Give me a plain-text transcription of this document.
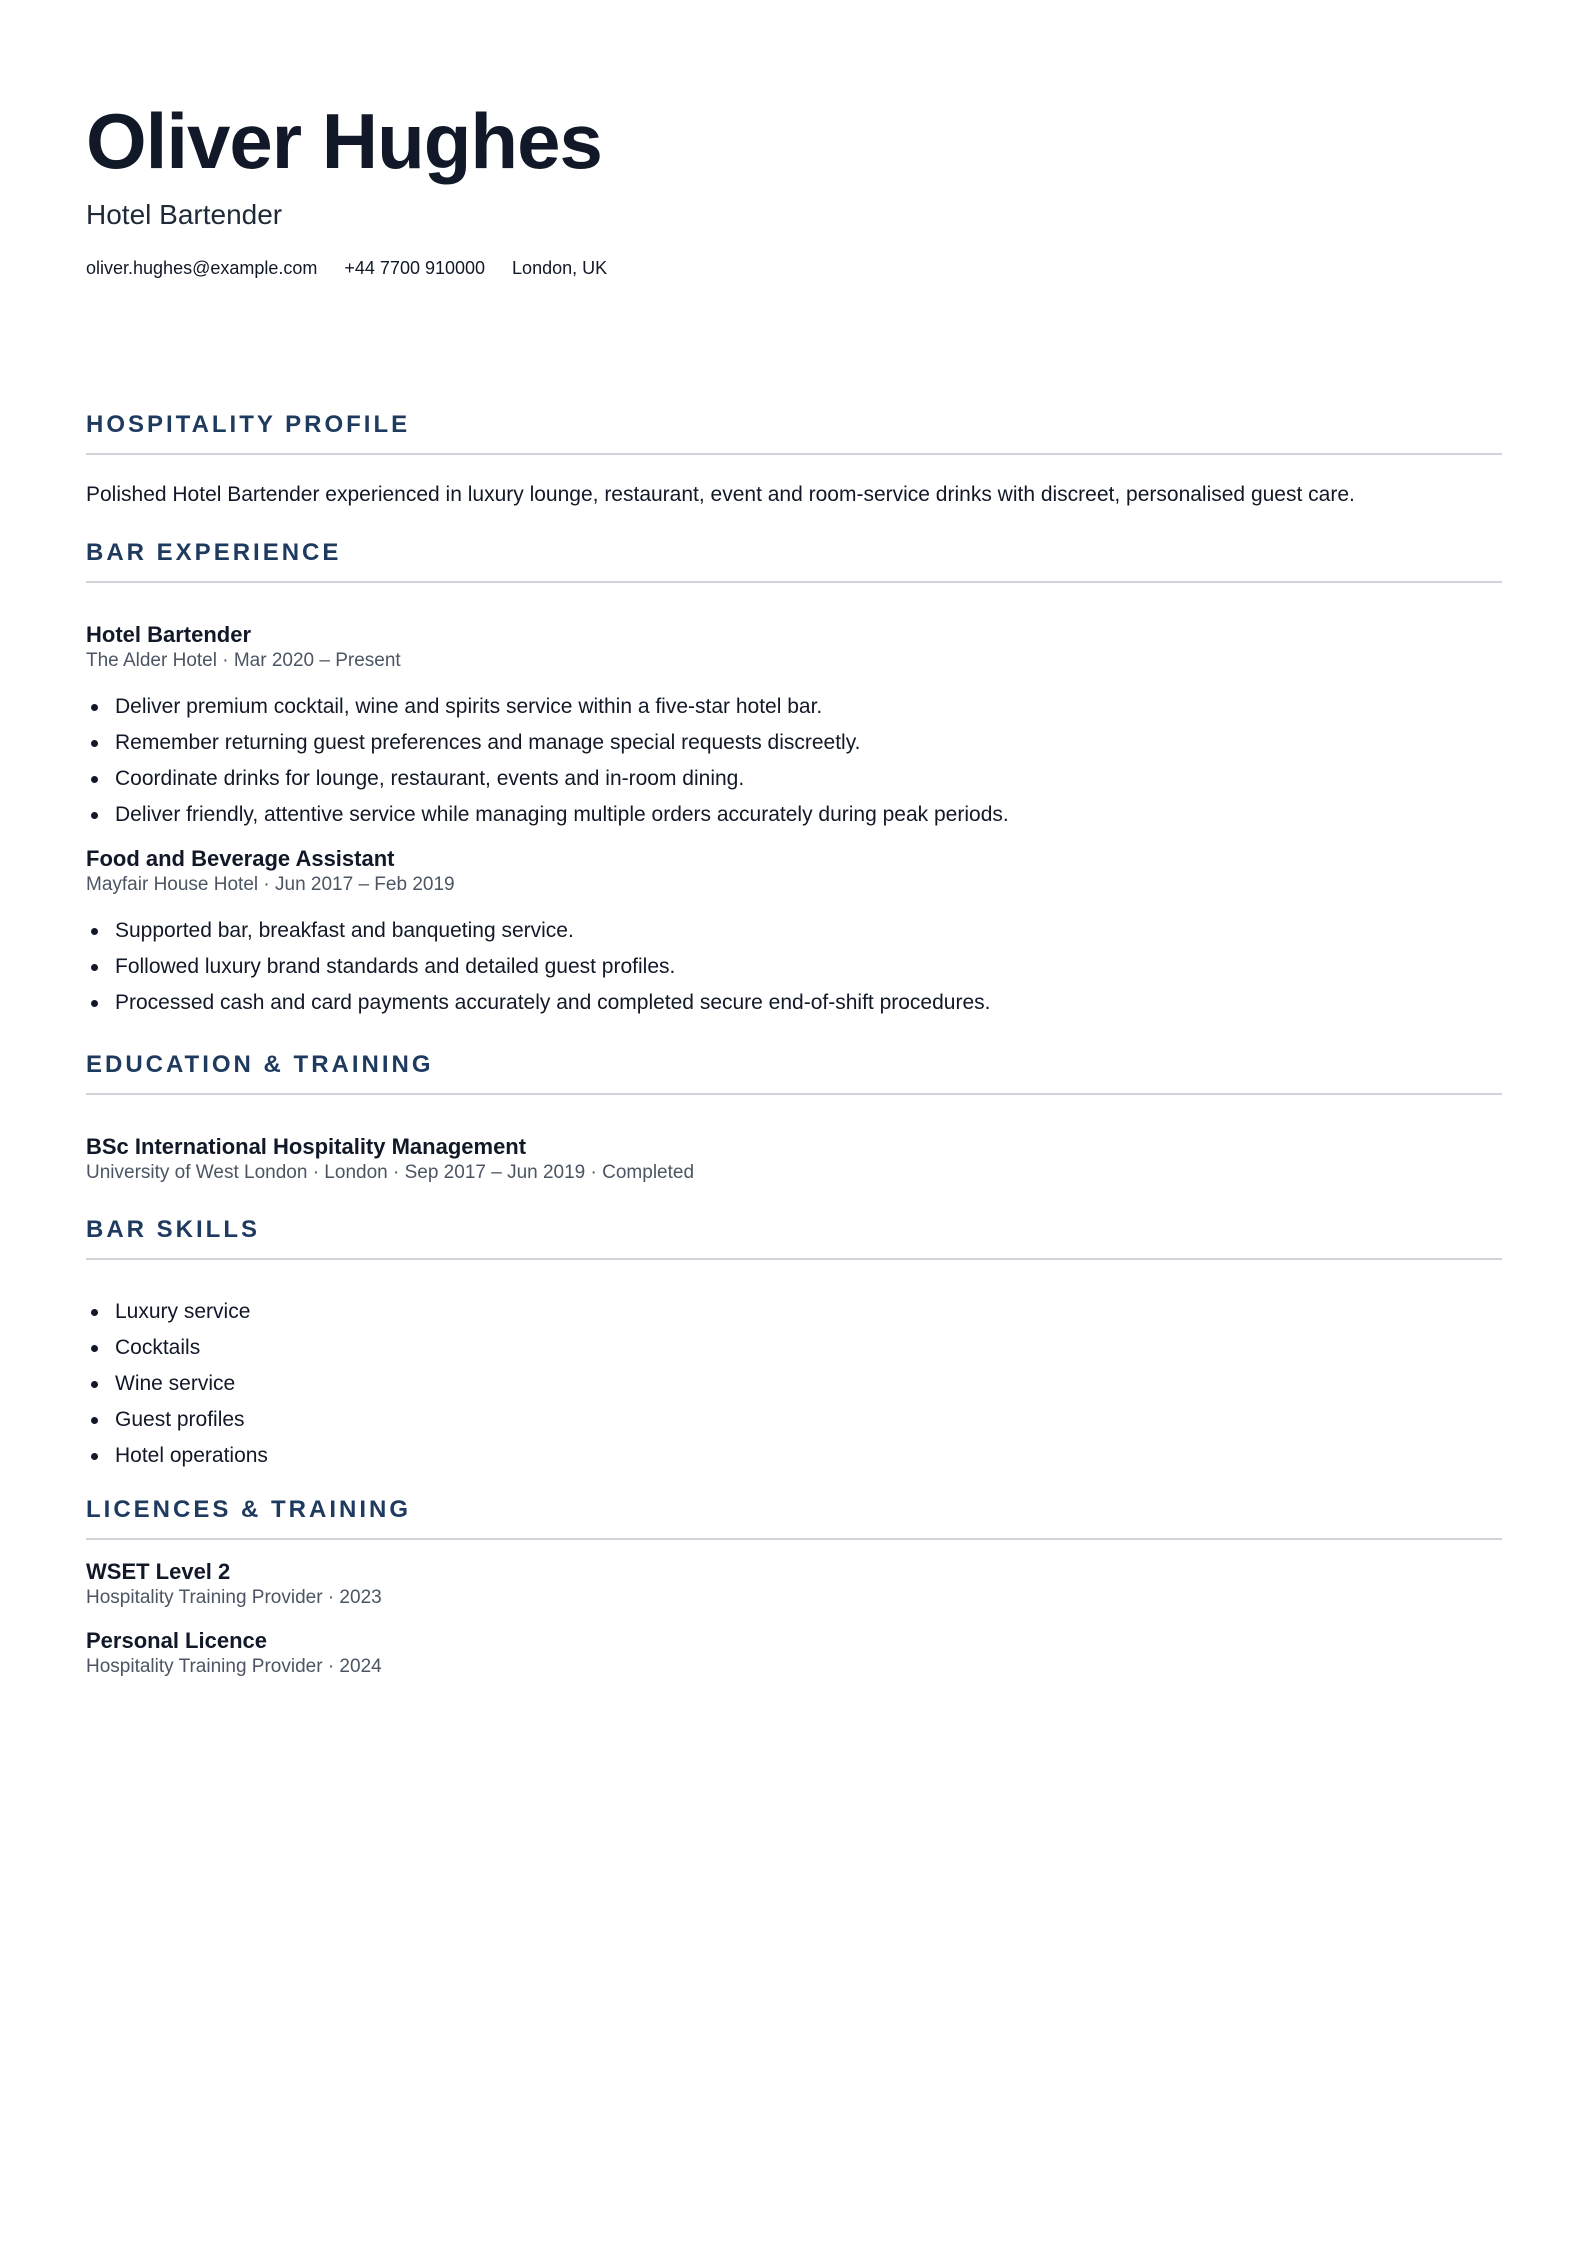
Oliver Hughes
Hotel Bartender
oliver.hughes@example.com +44 7700 910000 London, UK
HOSPITALITY PROFILE
Polished Hotel Bartender experienced in luxury lounge, restaurant, event and room-service drinks with discreet, personalised guest care.
BAR EXPERIENCE
Hotel Bartender
The Alder Hotel · Mar 2020 – Present
Deliver premium cocktail, wine and spirits service within a five-star hotel bar.
Remember returning guest preferences and manage special requests discreetly.
Coordinate drinks for lounge, restaurant, events and in-room dining.
Deliver friendly, attentive service while managing multiple orders accurately during peak periods.
Food and Beverage Assistant
Mayfair House Hotel · Jun 2017 – Feb 2019
Supported bar, breakfast and banqueting service.
Followed luxury brand standards and detailed guest profiles.
Processed cash and card payments accurately and completed secure end-of-shift procedures.
EDUCATION & TRAINING
BSc International Hospitality Management
University of West London · London · Sep 2017 – Jun 2019 · Completed
BAR SKILLS
Luxury service
Cocktails
Wine service
Guest profiles
Hotel operations
LICENCES & TRAINING
WSET Level 2
Hospitality Training Provider · 2023
Personal Licence
Hospitality Training Provider · 2024
